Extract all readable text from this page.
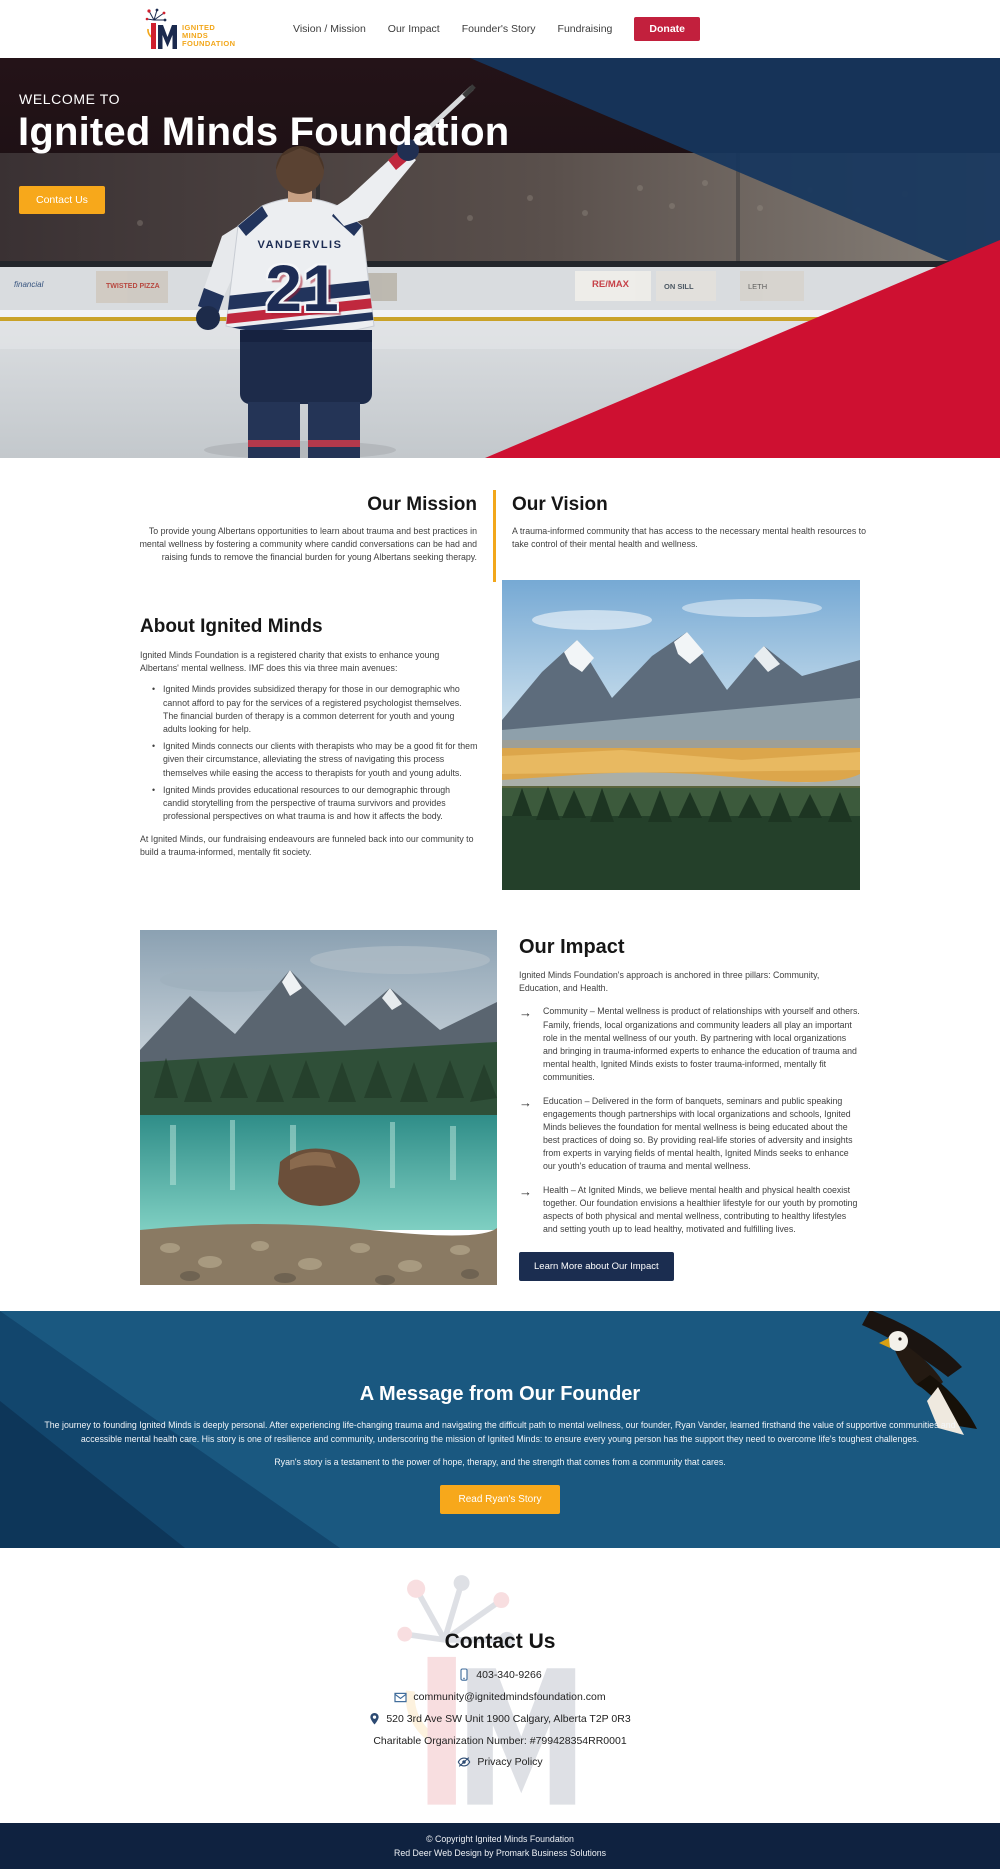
IGNITED
MINDS
FOUNDATION
Vision / Mission Our Impact Founder's Story Fundraising	Donate
financial	TWISTED PIZZA	RE/MAX	ON SILL	LETH
VANDERVLIS
21
WELCOME TO
Ignited Minds Foundation
Contact Us
Our Mission

To provide young Albertans opportunities to learn about trauma and best practices in mental wellness by fostering a community where candid conversations can be had and raising funds to remove the financial burden for young Albertans seeking therapy.

Our Vision

A trauma-informed community that has access to the necessary mental health resources to take control of their mental health and wellness.

About Ignited Minds

Ignited Minds Foundation is a registered charity that exists to enhance young Albertans' mental wellness. IMF does this via three main avenues:

• Ignited Minds provides subsidized therapy for those in our demographic who cannot afford to pay for the services of a registered psychologist themselves. The financial burden of therapy is a common deterrent for youth and young adults looking for help.
• Ignited Minds connects our clients with therapists who may be a good fit for them given their circumstance, alleviating the stress of navigating this process themselves while easing the access to therapists for youth and young adults.
• Ignited Minds provides educational resources to our demographic through candid storytelling from the perspective of trauma survivors and provides professional perspectives on what trauma is and how it affects the body.

At Ignited Minds, our fundraising endeavours are funneled back into our community to build a trauma-informed, mentally fit society.

Our Impact

Ignited Minds Foundation's approach is anchored in three pillars: Community, Education, and Health.

→ Community – Mental wellness is product of relationships with yourself and others. Family, friends, local organizations and community leaders all play an important role in the mental wellness of our youth. By partnering with local organizations and bringing in trauma-informed experts to enhance the education of trauma and mental health, Ignited Minds exists to foster trauma-informed, mentally fit communities.
→ Education – Delivered in the form of banquets, seminars and public speaking engagements though partnerships with local organizations and schools, Ignited Minds believes the foundation for mental wellness is being educated about the best practices of doing so. By providing real-life stories of adversity and insights from experts in varying fields of mental health, Ignited Minds seeks to enhance our youth's education of trauma and mental wellness.
→ Health – At Ignited Minds, we believe mental health and physical health coexist together. Our foundation envisions a healthier lifestyle for our youth by promoting aspects of both physical and mental wellness, contributing to healthy lifestyles and setting youth up to lead healthy, motivated and fulfilling lives.
Learn More about Our Impact
A Message from Our Founder

The journey to founding Ignited Minds is deeply personal. After experiencing life-changing trauma and navigating the difficult path to mental wellness, our founder, Ryan Vander, learned firsthand the value of supportive communities and accessible mental health care. His story is one of resilience and community, underscoring the mission of Ignited Minds: to ensure every young person has the support they need to overcome life's toughest challenges.

Ryan's story is a testament to the power of hope, therapy, and the strength that comes from a community that cares.

Read Ryan's Story
Contact Us
403-340-9266
community@ignitedmindsfoundation.com
520 3rd Ave SW Unit 1900 Calgary, Alberta T2P 0R3
Charitable Organization Number: #799428354RR0001
Privacy Policy
© Copyright Ignited Minds Foundation
Red Deer Web Design by Promark Business Solutions
